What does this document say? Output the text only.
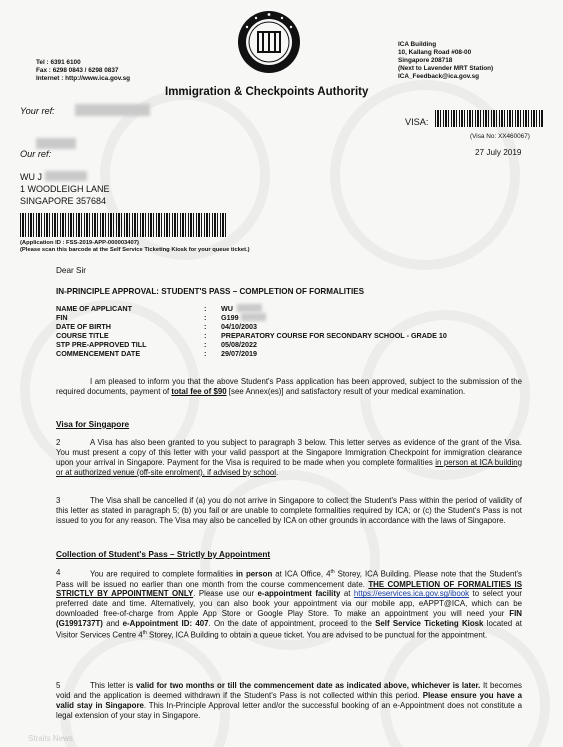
Tel : 6391 6100
Fax : 6298 0843 / 6298 0837
Internet : http://www.ica.gov.sg
ICA Building
10, Kallang Road #08-00
Singapore 208718
(Next to Lavender MRT Station)
ICA_Feedback@ica.gov.sg
Immigration & Checkpoints Authority
Your ref:
VISA:
(Visa No: XX460067)
Our ref:	27 July 2019
WU J
1 WOODLEIGH LANE
SINGAPORE 357684
(Application ID : FSS-2019-APP-000003407)
(Please scan this barcode at the Self Service Ticketing Kiosk for your queue ticket.)
Dear Sir
IN-PRINCIPLE APPROVAL: STUDENT'S PASS – COMPLETION OF FORMALITIES
NAME OF APPLICANT	: WU
FIN	: G199
DATE OF BIRTH	: 04/10/2003
COURSE TITLE	: PREPARATORY COURSE FOR SECONDARY SCHOOL - GRADE 10
STP PRE-APPROVED TILL	: 05/08/2022
COMMENCEMENT DATE	: 29/07/2019
I am pleased to inform you that the above Student's Pass application has been approved, subject to the submission of the required documents, payment of total fee of $90 [see Annex(es)] and satisfactory result of your medical examination.
Visa for Singapore
2	A Visa has also been granted to you subject to paragraph 3 below. This letter serves as evidence of the grant of the Visa. You must present a copy of this letter with your valid passport at the Singapore Immigration Checkpoint for immigration clearance upon your arrival in Singapore. Payment for the Visa is required to be made when you complete formalities in person at ICA building or at authorized venue (off-site enrolment), if advised by school.
3	The Visa shall be cancelled if (a) you do not arrive in Singapore to collect the Student's Pass within the period of validity of this letter as stated in paragraph 5; (b) you fail or are unable to complete formalities required by ICA; or (c) the Student's Pass is not issued to you for any reason. The Visa may also be cancelled by ICA on other grounds in accordance with the laws of Singapore.
Collection of Student's Pass – Strictly by Appointment
4	You are required to complete formalities in person at ICA Office, 4th Storey, ICA Building. Please note that the Student's Pass will be issued no earlier than one month from the course commencement date. THE COMPLETION OF FORMALITIES IS STRICTLY BY APPOINTMENT ONLY. Please use our e-appointment facility at https://eservices.ica.gov.sg/ibook to select your preferred date and time. Alternatively, you can also book your appointment via our mobile app, eAPPT@ICA, which can be downloaded free-of-charge from Apple App Store or Google Play Store. To make an appointment you will need your FIN (G1991737T) and e-Appointment ID: 407. On the date of appointment, proceed to the Self Service Ticketing Kiosk located at Visitor Services Centre 4th Storey, ICA Building to obtain a queue ticket. You are advised to be punctual for the appointment.
5	This letter is valid for two months or till the commencement date as indicated above, whichever is later. It becomes void and the application is deemed withdrawn if the Student's Pass is not collected within this period. Please ensure you have a valid stay in Singapore. This In-Principle Approval letter and/or the successful booking of an e-Appointment does not constitute a legal extension of your stay in Singapore.
Straits News
